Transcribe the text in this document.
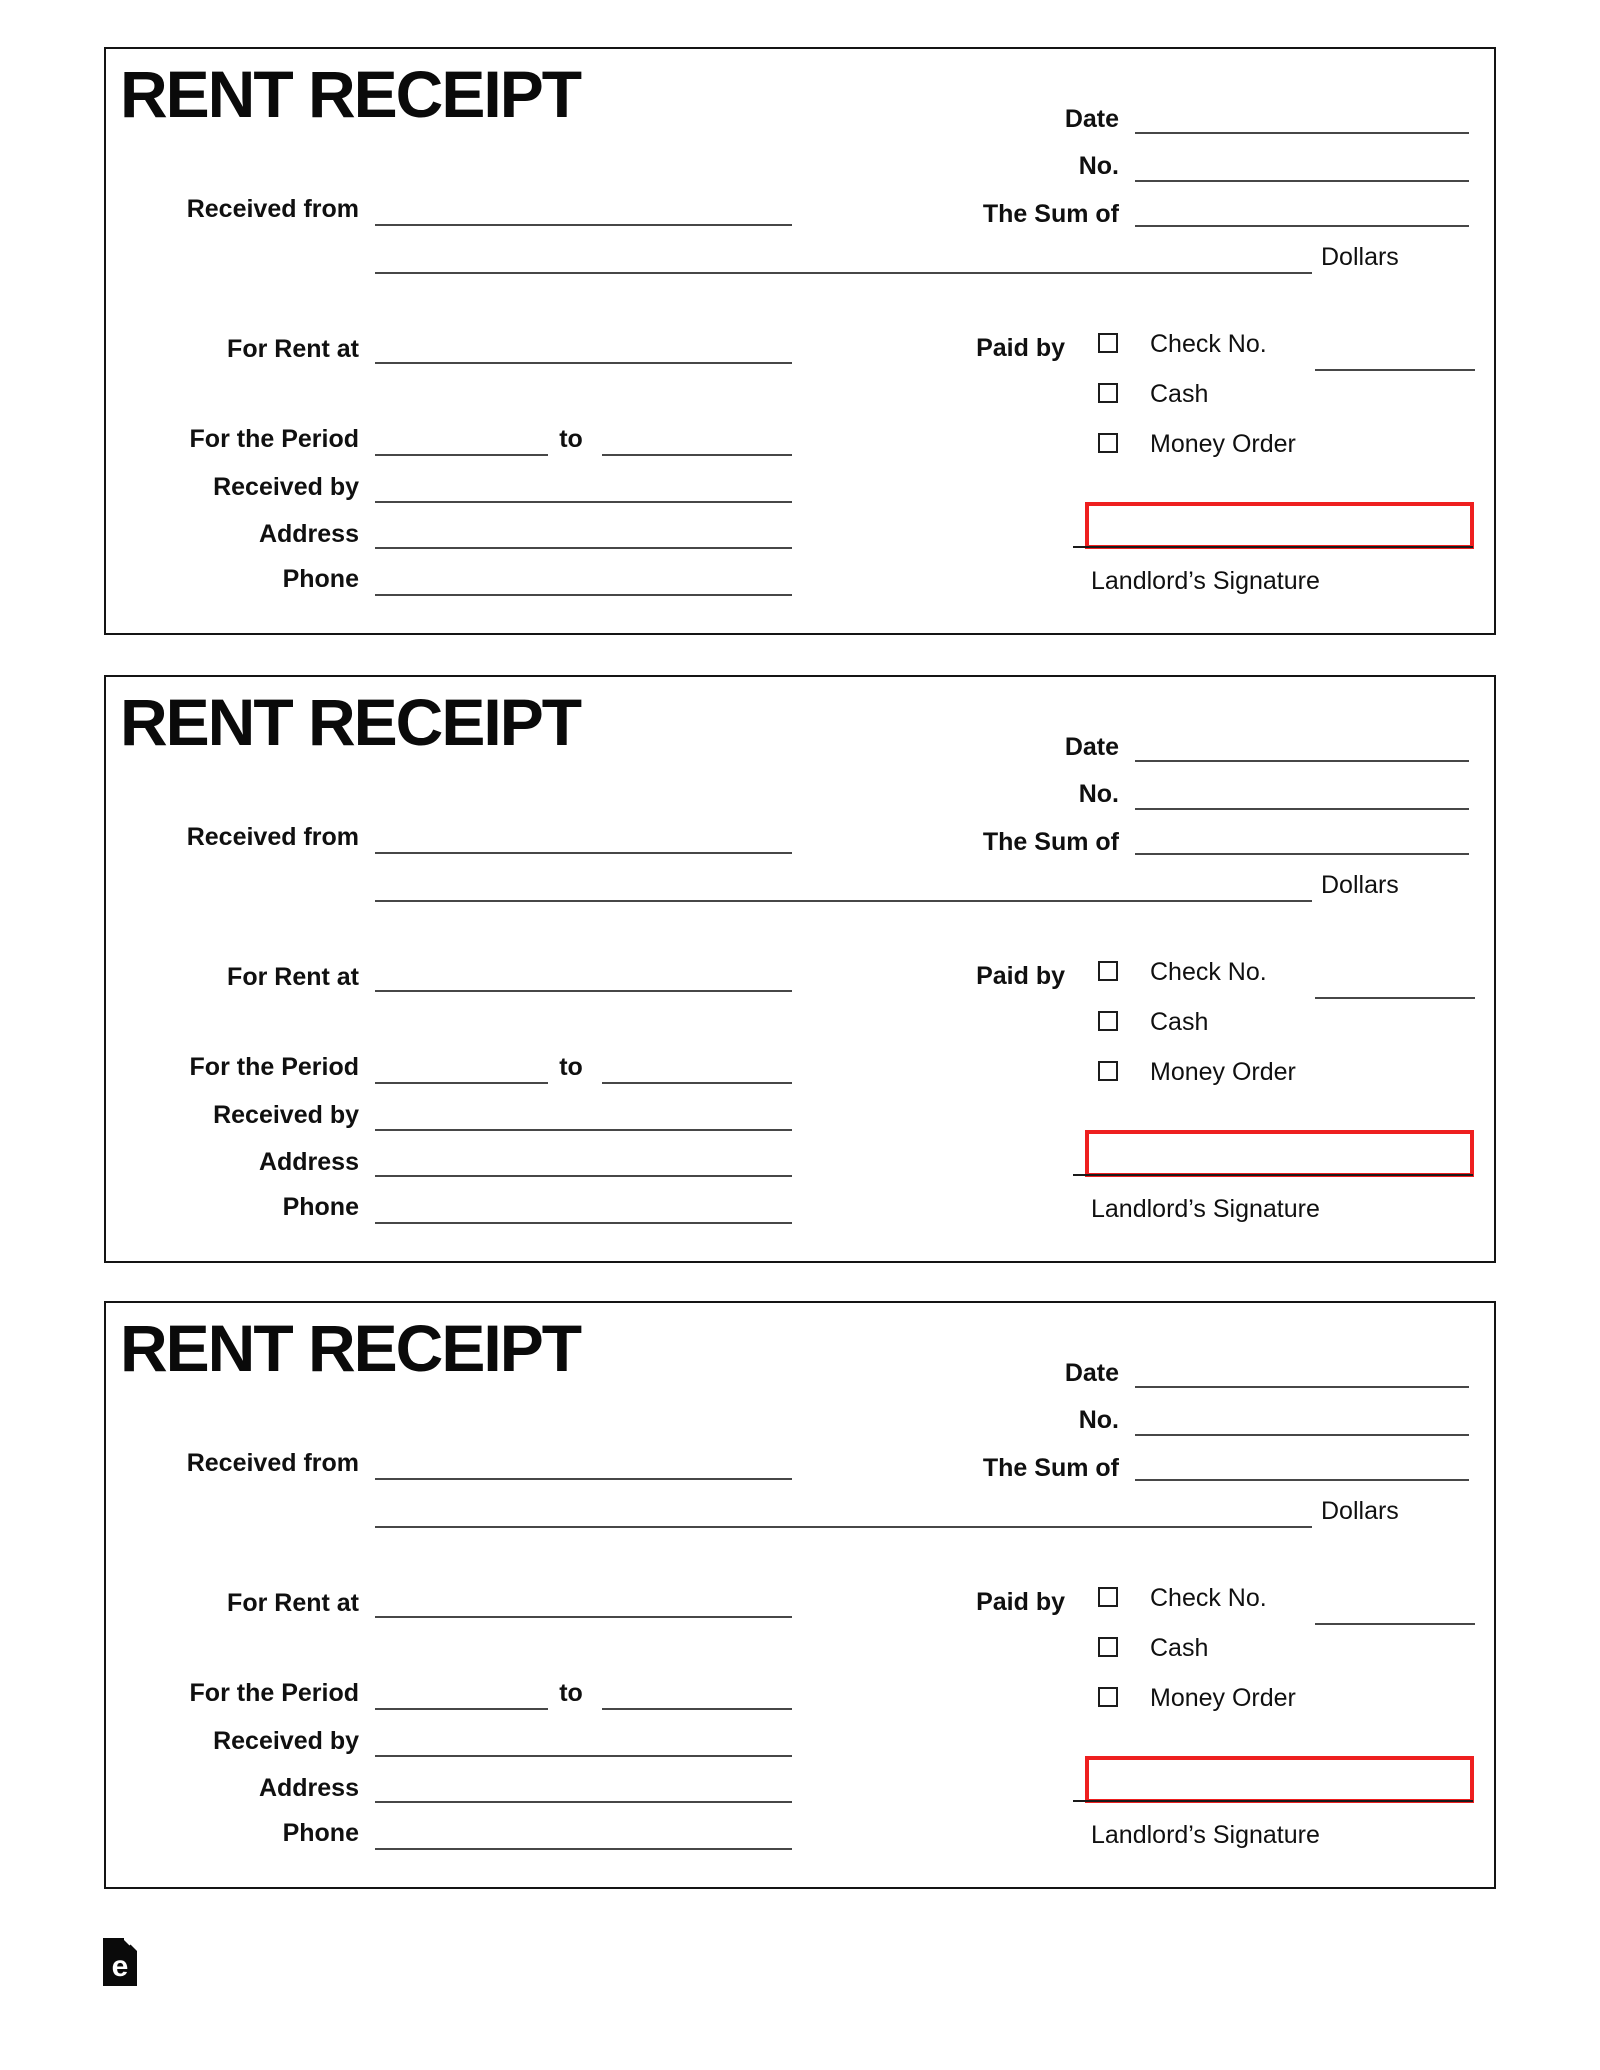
RENT RECEIPT	Date
No.
The Sum of
Received from
Dollars
For Rent at	Paid by	Check No.
Cash
Money Order
For the Period	to
Received by
Address
Phone	Landlord’s Signature
RENT RECEIPT	Date
No.
The Sum of
Received from
Dollars
For Rent at	Paid by	Check No.
Cash
Money Order
For the Period	to
Received by
Address
Phone	Landlord’s Signature
RENT RECEIPT	Date
No.
The Sum of
Received from
Dollars
For Rent at	Paid by	Check No.
Cash
Money Order
For the Period	to
Received by
Address
Phone	Landlord’s Signature
e
